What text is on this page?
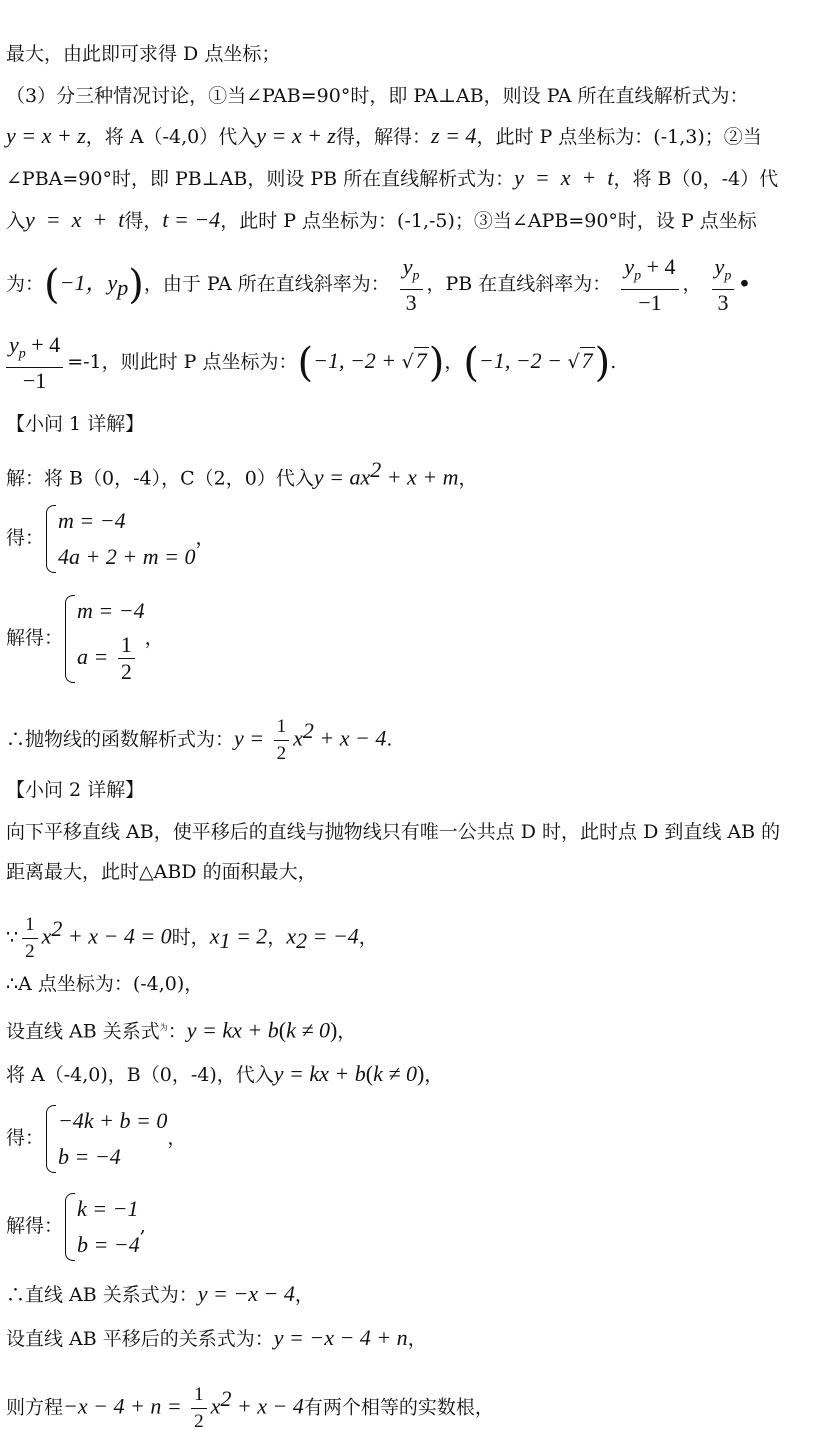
最大，由此即可求得 D 点坐标；
（3）分三种情况讨论，①当∠PAB=90°时，即 PA⊥AB，则设 PA 所在直线解析式为：
y = x + z，将 A（-4,0）代入y = x + z得，解得：z = 4，此时 P 点坐标为：(-1,3)；②当
∠PBA=90°时，即 PB⊥AB，则设 PB 所在直线解析式为：y  =  x  +  t，将 B（0，-4）代
入y  =  x  +  t得，t = −4，此时 P 点坐标为：(-1,-5)；③当∠APB=90°时，设 P 点坐标
为：(−1，$y_p$)，由于 PA 所在直线斜率为： $\frac{y_p}{3}$ ，PB 在直线斜率为： $\frac{y_p + 4}{-1}$ ， $\frac{y_p}{3}$ •
$\frac{y_p + 4}{-1} =-1$，则此时 P 点坐标为：(−1, −2 + √7)，(−1, −2 − √7).
【小问 1 详解】
解：将 B（0，-4），C（2，0）代入$y = ax^2 + x + m$，
得：
m = −4
4a + 2 + m = 0
，
解得：
m = −4
$a = \frac{1}{2}$ ，
∴抛物线的函数解析式为：$y = \frac{1}{2} x^2 + x - 4$.
【小问 2 详解】
向下平移直线 AB，使平移后的直线与抛物线只有唯一公共点 D 时，此时点 D 到直线 AB 的
距离最大，此时△ABD 的面积最大，
∵ $\frac{1}{2} x^2 + x - 4 = 0$时，$x_1 = 2$，$x_2 = -4$，
∴A 点坐标为：(-4,0)，
设直线 AB 关系式$^为$：y = kx + b(k ≠ 0)，
将 A（-4,0)，B（0，-4)，代入y = kx + b(k ≠ 0)，
得：
−4k + b = 0
b = −4
，
解得：
k = −1
b = −4
,
∴直线 AB 关系式为：y = −x − 4，
设直线 AB 平移后的关系式为：y = −x − 4 + n，
则方程$-x - 4 + n = \frac{1}{2} x^2 + x - 4$有两个相等的实数根，
